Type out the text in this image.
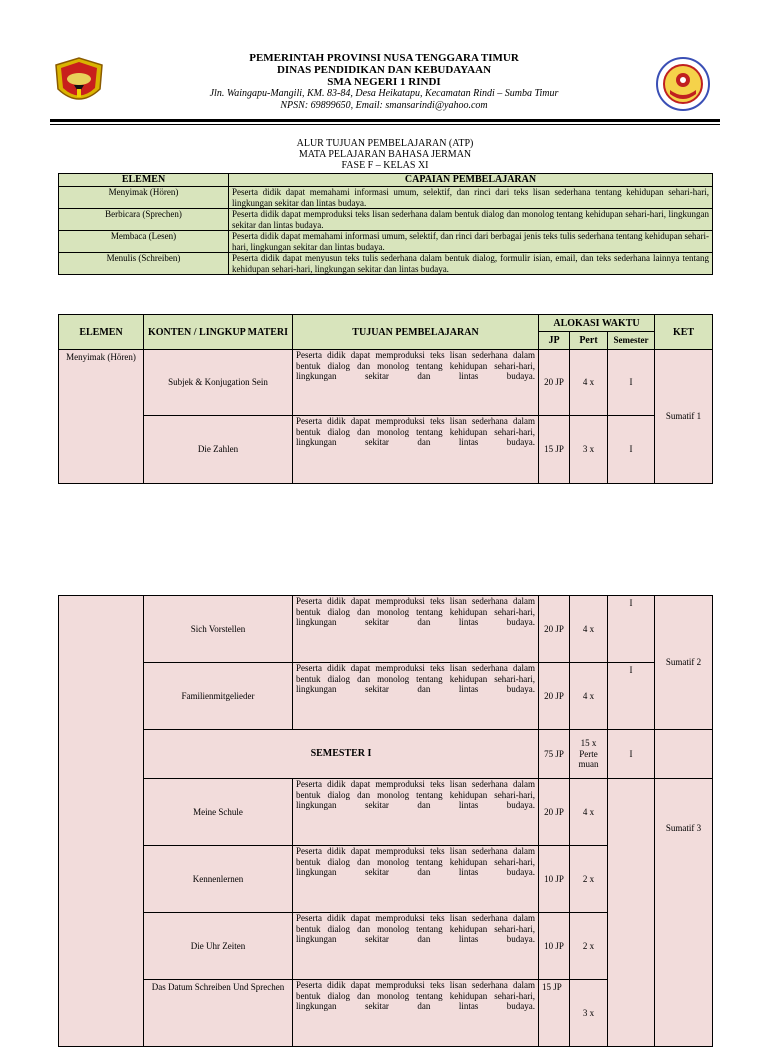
PEMERINTAH PROVINSI NUSA TENGGARA TIMUR
DINAS PENDIDIKAN DAN KEBUDAYAAN
SMA NEGERI 1 RINDI
Jln. Waingapu-Mangili, KM. 83-84, Desa Heikatapu, Kecamatan Rindi – Sumba Timur
NPSN: 69899650, Email: smansarindi@yahoo.com
ALUR TUJUAN PEMBELAJARAN (ATP)
MATA PELAJARAN BAHASA JERMAN
FASE F – KELAS XI
ELEMEN	CAPAIAN PEMBELAJARAN
Menyimak (Hören)	Peserta didik dapat memahami informasi umum, selektif, dan rinci dari teks lisan sederhana tentang kehidupan sehari-hari, lingkungan sekitar dan lintas budaya.
Berbicara (Sprechen)	Peserta didik dapat memproduksi teks lisan sederhana dalam bentuk dialog dan monolog tentang kehidupan sehari-hari, lingkungan sekitar dan lintas budaya.
Membaca (Lesen)	Peserta didik dapat memahami informasi umum, selektif, dan rinci dari berbagai jenis teks tulis sederhana tentang kehidupan sehari-hari, lingkungan sekitar dan lintas budaya.
Menulis (Schreiben)	Peserta didik dapat menyusun teks tulis sederhana dalam bentuk dialog, formulir isian, email, dan teks sederhana lainnya tentang kehidupan sehari-hari, lingkungan sekitar dan lintas budaya.
ELEMEN	KONTEN / LINGKUP MATERI	TUJUAN PEMBELAJARAN	ALOKASI WAKTU			KET
			JP	Pert	Semester	
Menyimak (Hören)	Subjek & Konjugation Sein	Peserta didik dapat memproduksi teks lisan sederhana dalam bentuk dialog dan monolog tentang kehidupan sehari-hari, lingkungan sekitar dan lintas budaya.	20 JP	4 x	I	Sumatif 1
	Die Zahlen	Peserta didik dapat memproduksi teks lisan sederhana dalam bentuk dialog dan monolog tentang kehidupan sehari-hari, lingkungan sekitar dan lintas budaya.	15 JP	3 x	I	
	Sich Vorstellen	Peserta didik dapat memproduksi teks lisan sederhana dalam bentuk dialog dan monolog tentang kehidupan sehari-hari, lingkungan sekitar dan lintas budaya.	20 JP	4 x	I	Sumatif 2
	Familienmitgelieder	Peserta didik dapat memproduksi teks lisan sederhana dalam bentuk dialog dan monolog tentang kehidupan sehari-hari, lingkungan sekitar dan lintas budaya.	20 JP	4 x	I	
	SEMESTER I		75 JP	15 x Perte muan	I	
	Meine Schule	Peserta didik dapat memproduksi teks lisan sederhana dalam bentuk dialog dan monolog tentang kehidupan sehari-hari, lingkungan sekitar dan lintas budaya.	20 JP	4 x		Sumatif 3
	Kennenlernen	Peserta didik dapat memproduksi teks lisan sederhana dalam bentuk dialog dan monolog tentang kehidupan sehari-hari, lingkungan sekitar dan lintas budaya.	10 JP	2 x		
	Die Uhr Zeiten	Peserta didik dapat memproduksi teks lisan sederhana dalam bentuk dialog dan monolog tentang kehidupan sehari-hari, lingkungan sekitar dan lintas budaya.	10 JP	2 x		
	Das Datum Schreiben Und Sprechen	Peserta didik dapat memproduksi teks lisan sederhana dalam bentuk dialog dan monolog tentang kehidupan sehari-hari, lingkungan sekitar dan lintas budaya.	15 JP	3 x		
